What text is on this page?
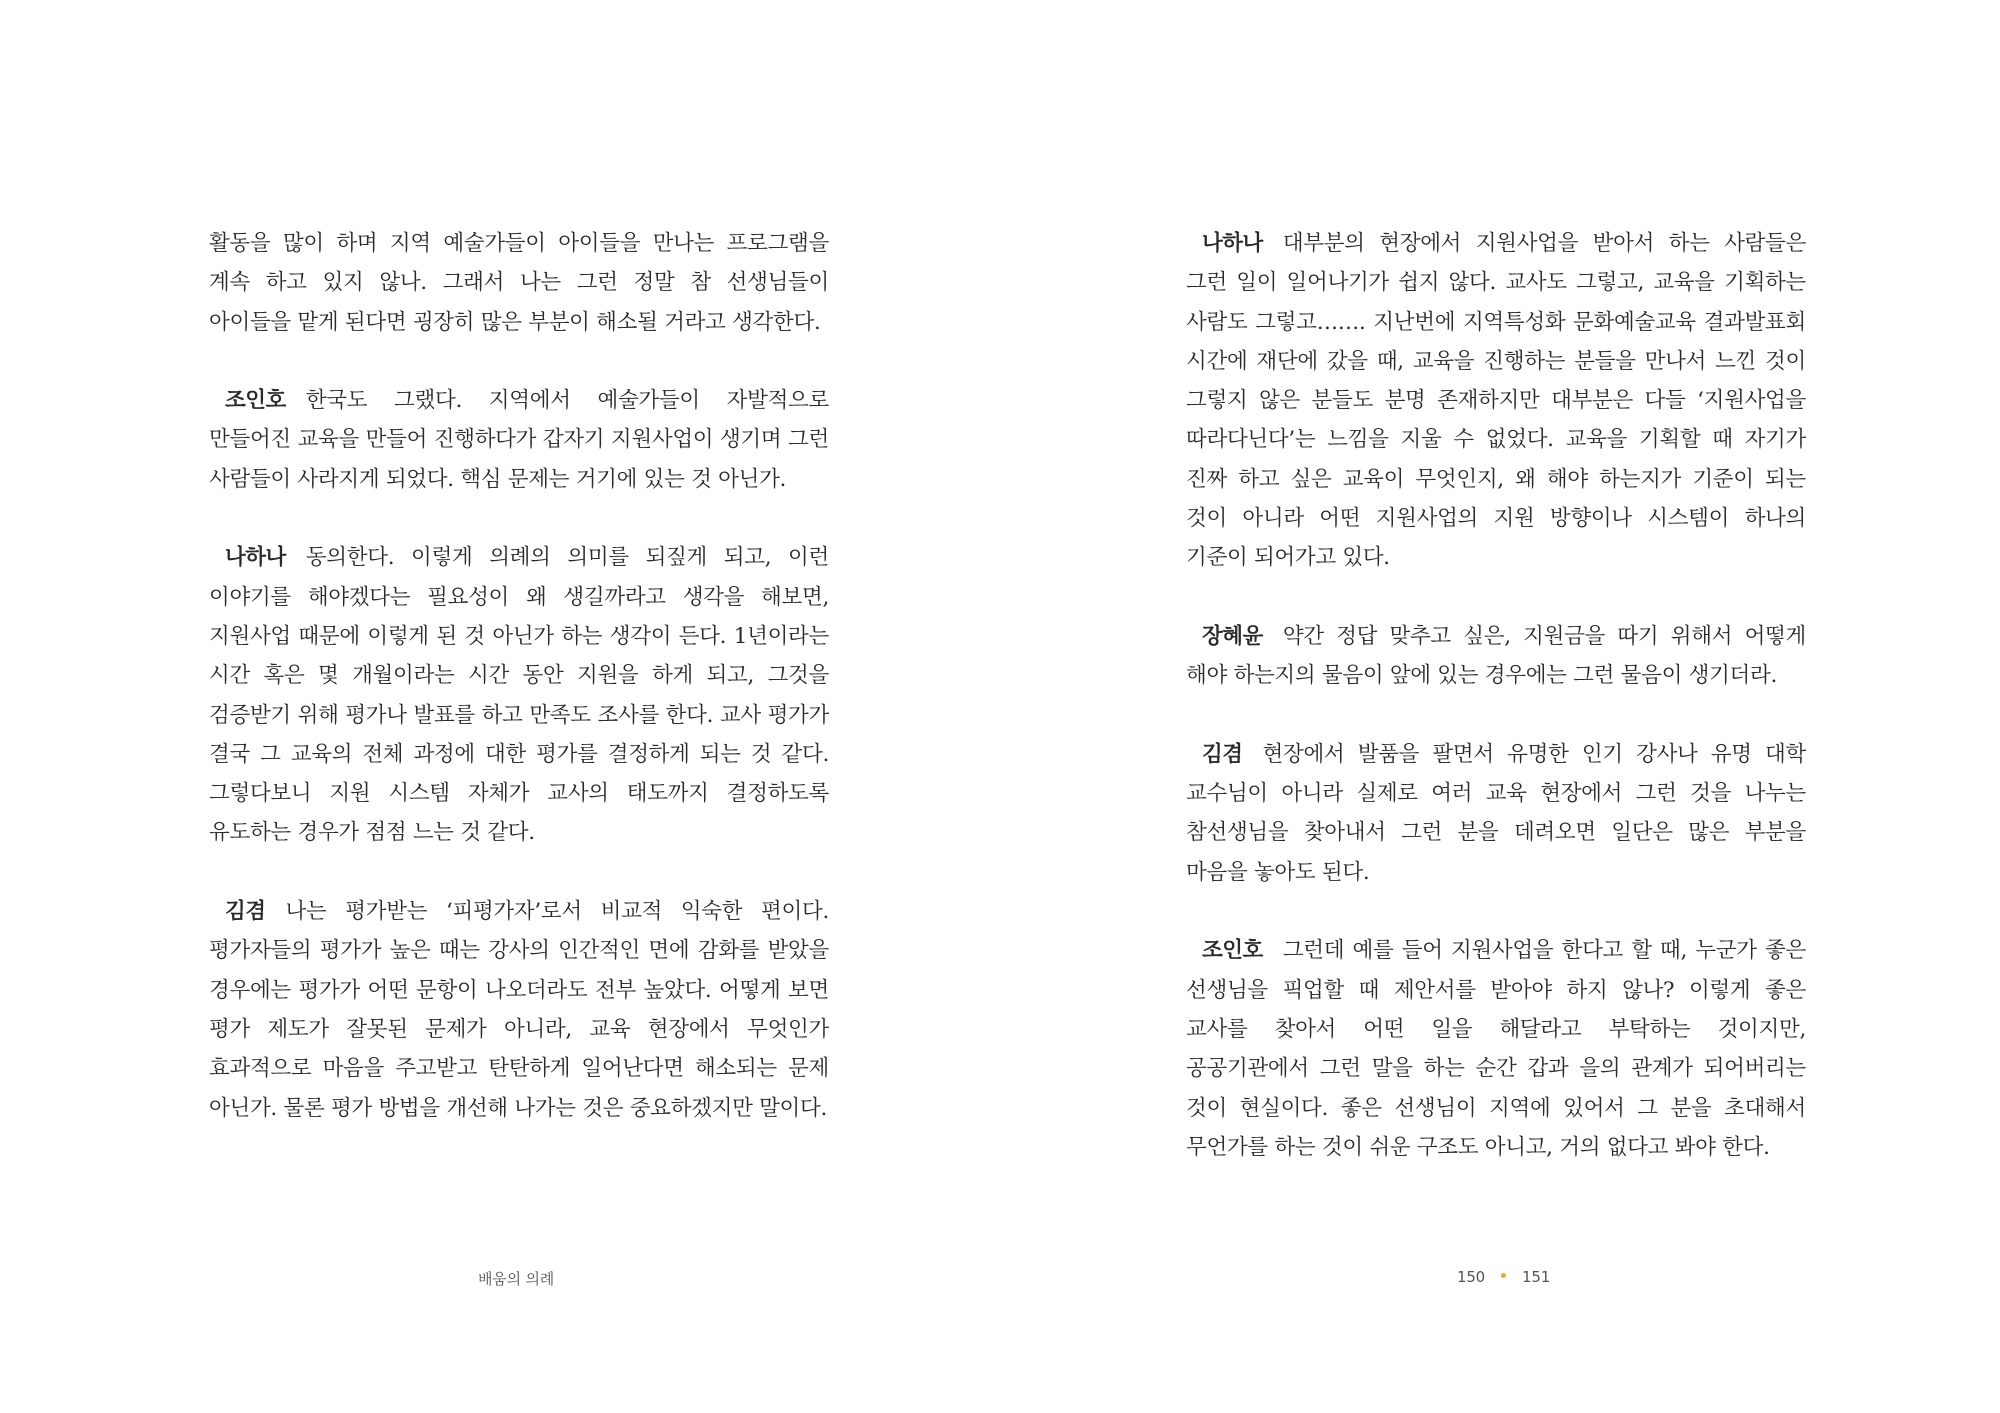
활동을 많이 하며 지역 예술가들이 아이들을 만나는 프로그램을 계속 하고 있지 않나. 그래서 나는 그런 정말 참 선생님들이 아이들을 맡게 된다면 굉장히 많은 부분이 해소될 거라고 생각한다.

조인호 한국도 그랬다. 지역에서 예술가들이 자발적으로 만들어진 교육을 만들어 진행하다가 갑자기 지원사업이 생기며 그런 사람들이 사라지게 되었다. 핵심 문제는 거기에 있는 것 아닌가.

나하나 동의한다. 이렇게 의례의 의미를 되짚게 되고, 이런 이야기를 해야겠다는 필요성이 왜 생길까라고 생각을 해보면, 지원사업 때문에 이렇게 된 것 아닌가 하는 생각이 든다. 1년이라는 시간 혹은 몇 개월이라는 시간 동안 지원을 하게 되고, 그것을 검증받기 위해 평가나 발표를 하고 만족도 조사를 한다. 교사 평가가 결국 그 교육의 전체 과정에 대한 평가를 결정하게 되는 것 같다. 그렇다보니 지원 시스템 자체가 교사의 태도까지 결정하도록 유도하는 경우가 점점 느는 것 같다.

김겸 나는 평가받는 ‘피평가자’로서 비교적 익숙한 편이다. 평가자들의 평가가 높은 때는 강사의 인간적인 면에 감화를 받았을 경우에는 평가가 어떤 문항이 나오더라도 전부 높았다. 어떻게 보면 평가 제도가 잘못된 문제가 아니라, 교육 현장에서 무엇인가 효과적으로 마음을 주고받고 탄탄하게 일어난다면 해소되는 문제 아닌가. 물론 평가 방법을 개선해 나가는 것은 중요하겠지만 말이다.

배움의 의례

나하나 대부분의 현장에서 지원사업을 받아서 하는 사람들은 그런 일이 일어나기가 쉽지 않다. 교사도 그렇고, 교육을 기획하는 사람도 그렇고……. 지난번에 지역특성화 문화예술교육 결과발표회 시간에 재단에 갔을 때, 교육을 진행하는 분들을 만나서 느낀 것이 그렇지 않은 분들도 분명 존재하지만 대부분은 다들 ‘지원사업을 따라다닌다’는 느낌을 지울 수 없었다. 교육을 기획할 때 자기가 진짜 하고 싶은 교육이 무엇인지, 왜 해야 하는지가 기준이 되는 것이 아니라 어떤 지원사업의 지원 방향이나 시스템이 하나의 기준이 되어가고 있다.

장혜윤 약간 정답 맞추고 싶은, 지원금을 따기 위해서 어떻게 해야 하는지의 물음이 앞에 있는 경우에는 그런 물음이 생기더라.

김겸 현장에서 발품을 팔면서 유명한 인기 강사나 유명 대학 교수님이 아니라 실제로 여러 교육 현장에서 그런 것을 나누는 참선생님을 찾아내서 그런 분을 데려오면 일단은 많은 부분을 마음을 놓아도 된다.

조인호 그런데 예를 들어 지원사업을 한다고 할 때, 누군가 좋은 선생님을 픽업할 때 제안서를 받아야 하지 않나? 이렇게 좋은 교사를 찾아서 어떤 일을 해달라고 부탁하는 것이지만, 공공기관에서 그런 말을 하는 순간 갑과 을의 관계가 되어버리는 것이 현실이다. 좋은 선생님이 지역에 있어서 그 분을 초대해서 무언가를 하는 것이 쉬운 구조도 아니고, 거의 없다고 봐야 한다.

150 151
